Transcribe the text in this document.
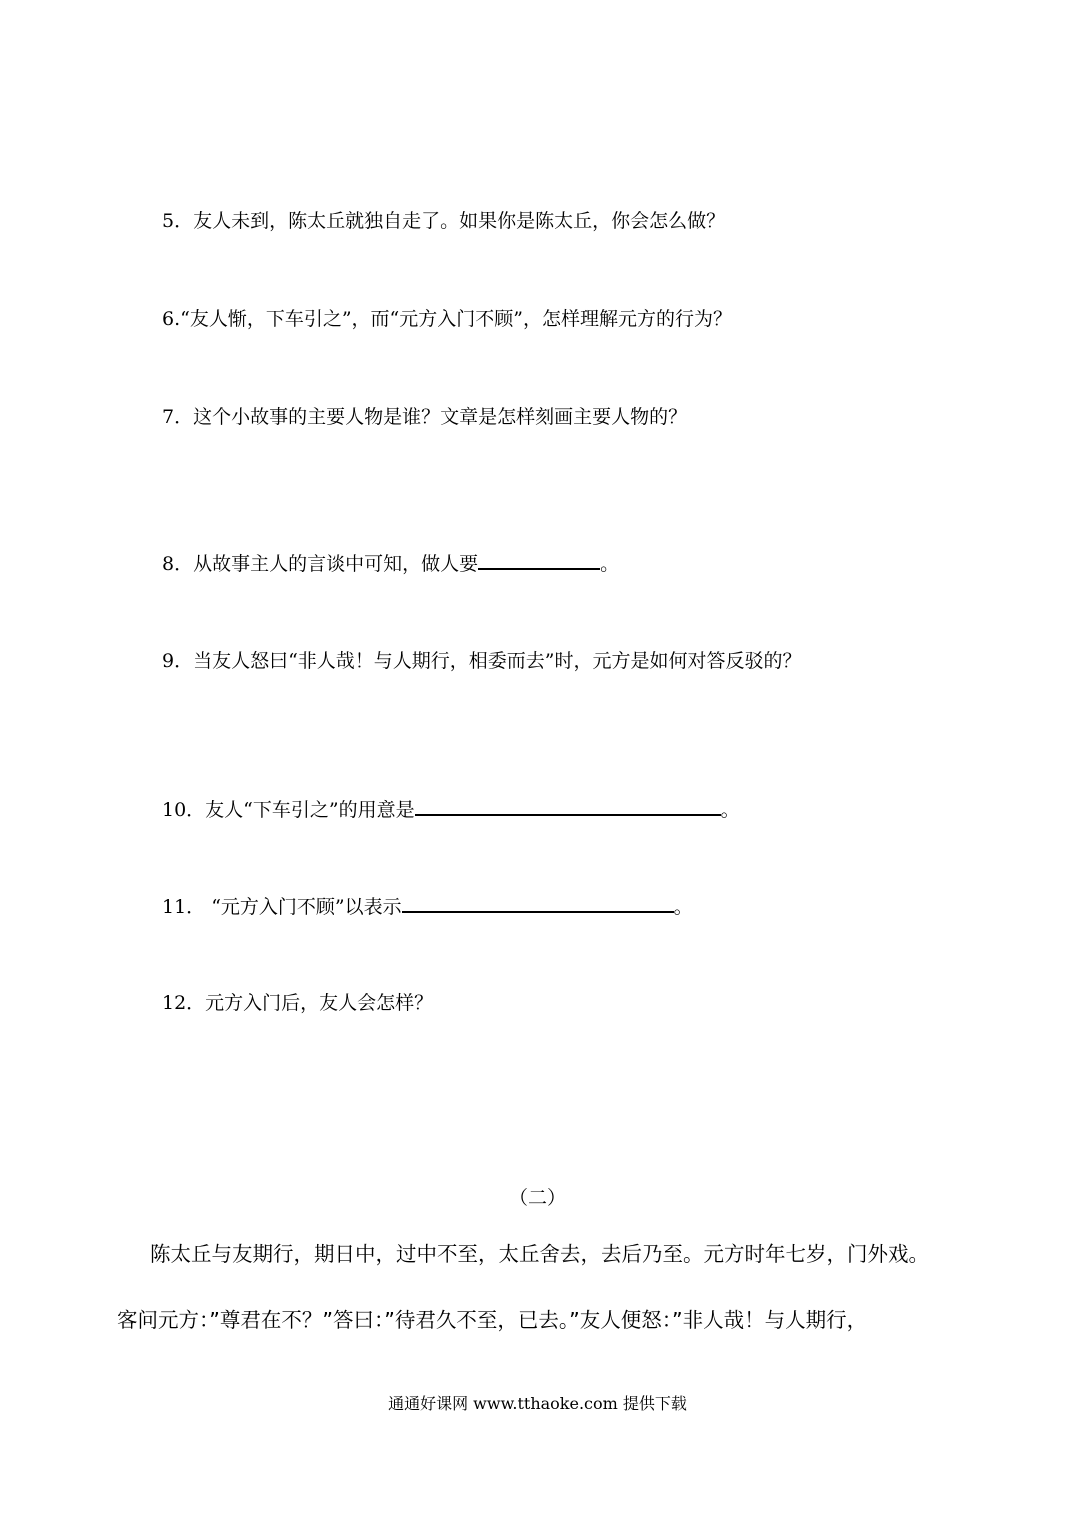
5．友人未到，陈太丘就独自走了。如果你是陈太丘，你会怎么做？
6.“友人惭，下车引之”，而“元方入门不顾”，怎样理解元方的行为？
7．这个小故事的主要人物是谁？文章是怎样刻画主要人物的？
8．从故事主人的言谈中可知，做人要	。
9．当友人怒曰“非人哉！与人期行，相委而去”时，元方是如何对答反驳的？
10．友人“下车引之”的用意是	。
11． “元方入门不顾”以表示	。
12．元方入门后，友人会怎样？
（二）
陈太丘与友期行，期日中，过中不至，太丘舍去，去后乃至。元方时年七岁，门外戏。
客问元方：”尊君在不？”答曰：”待君久不至，已去。”友人便怒：”非人哉！与人期行，
通通好课网 www.tthaoke.com 提供下载
